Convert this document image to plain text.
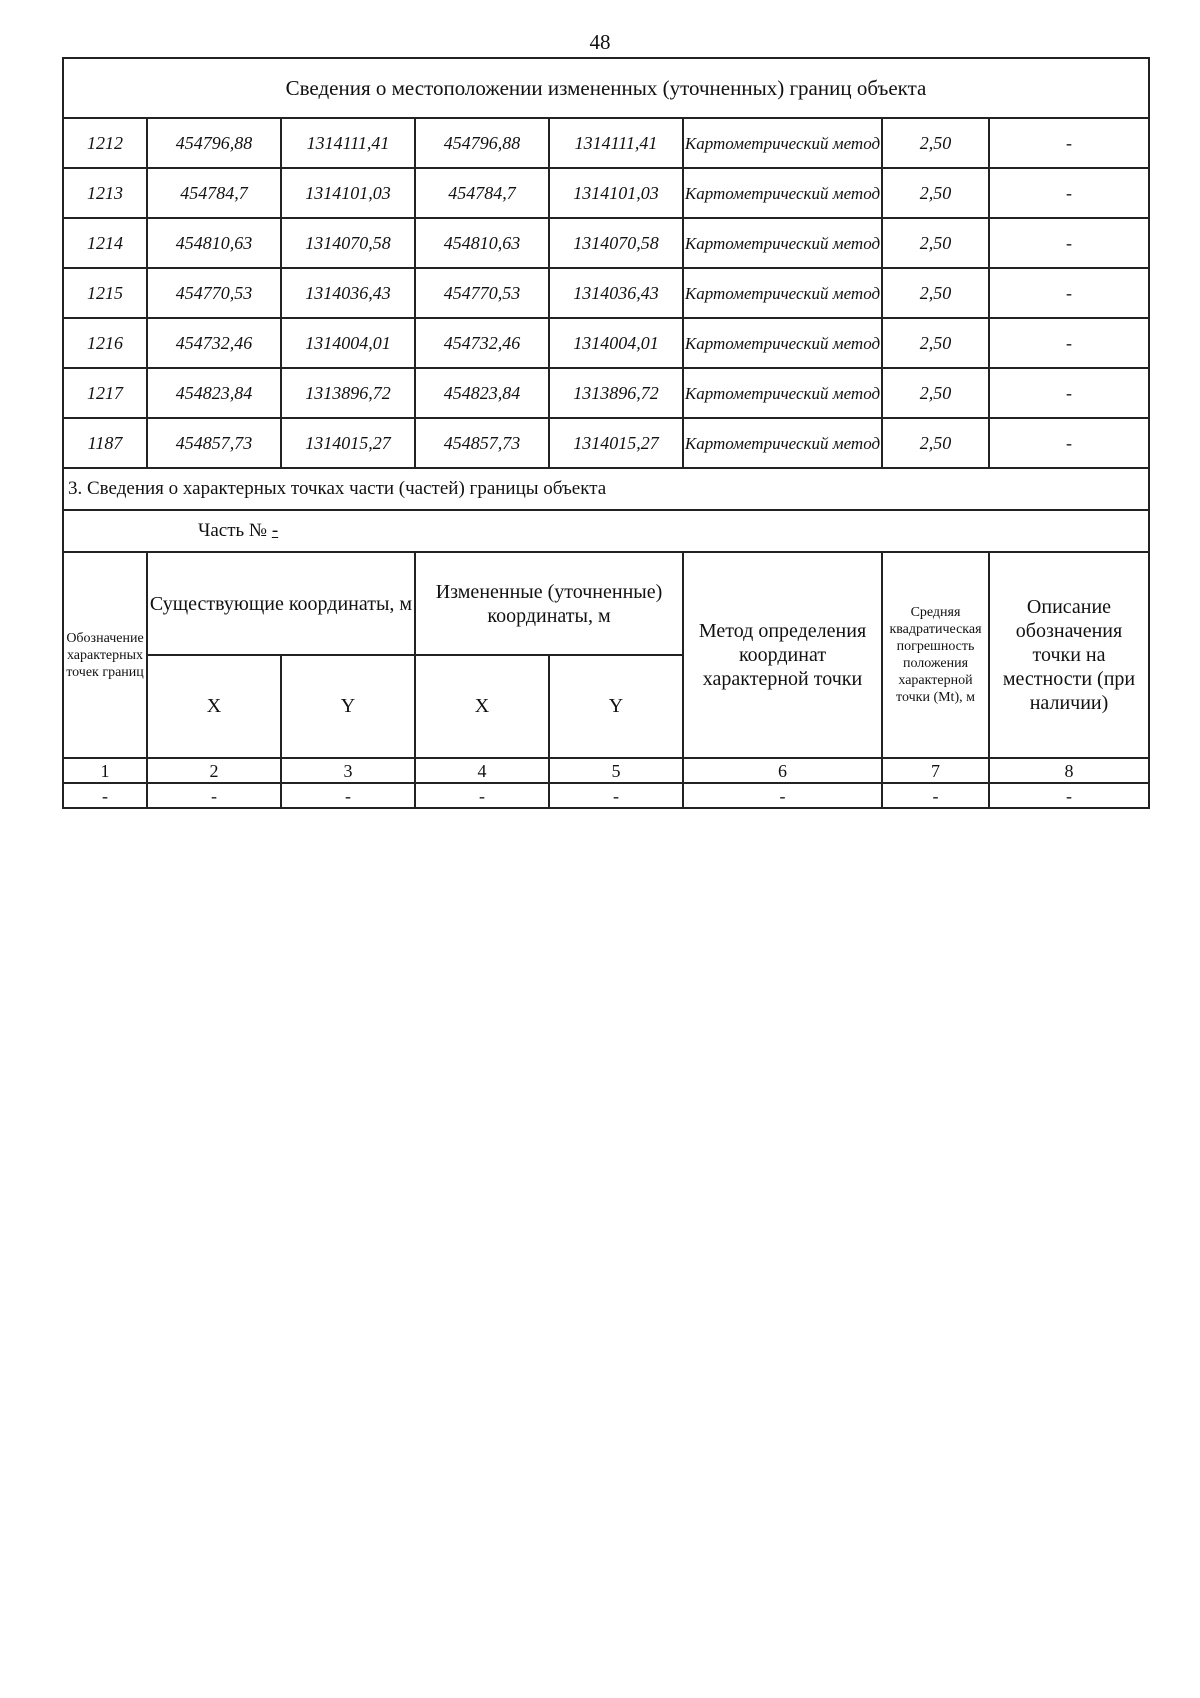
48
Сведения о местоположении измененных (уточненных) границ объекта							
1212	454796,88	1314111,41	454796,88	1314111,41	Картометрический метод	2,50	-
1213	454784,7	1314101,03	454784,7	1314101,03	Картометрический метод	2,50	-
1214	454810,63	1314070,58	454810,63	1314070,58	Картометрический метод	2,50	-
1215	454770,53	1314036,43	454770,53	1314036,43	Картометрический метод	2,50	-
1216	454732,46	1314004,01	454732,46	1314004,01	Картометрический метод	2,50	-
1217	454823,84	1313896,72	454823,84	1313896,72	Картометрический метод	2,50	-
1187	454857,73	1314015,27	454857,73	1314015,27	Картометрический метод	2,50	-
3. Сведения о характерных точках части (частей) границы объекта							
Часть № -							
Обозначение характерных точек границ	Существующие координаты, м		Измененные (уточненные) координаты, м		Метод определения координат характерной точки	Средняя квадратическая погрешность положения характерной точки (Mt), м	Описание обозначения точки на местности (при наличии)
	X	Y	X	Y			
1	2	3	4	5	6	7	8
-	-	-	-	-	-	-	-
